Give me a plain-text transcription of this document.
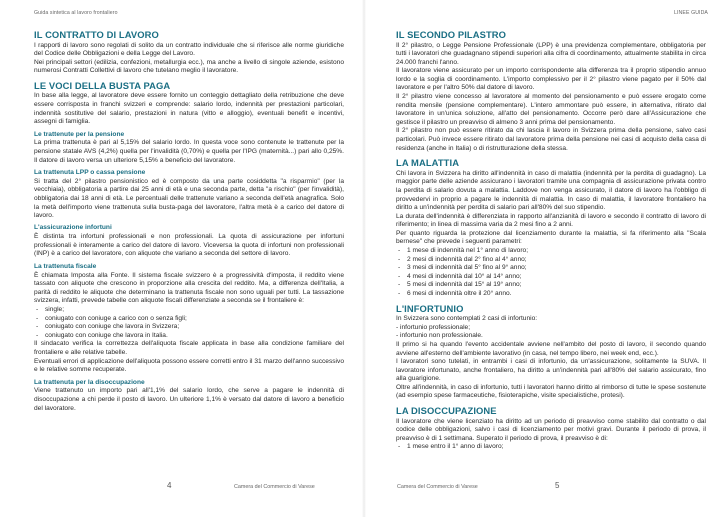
Guida sintetica al lavoro frontaliero	LINEE GUIDA
IL CONTRATTO DI LAVORO

I rapporti di lavoro sono regolati di solito da un contratto individuale che si riferisce alle norme giuridiche del Codice delle Obbligazioni e della Legge del Lavoro.

Nei principali settori (edilizia, confezioni, metallurgia ecc.), ma anche a livello di singole aziende, esistono numerosi Contratti Collettivi di lavoro che tutelano meglio il lavoratore.

LE VOCI DELLA BUSTA PAGA

In base alla legge, al lavoratore deve essere fornito un conteggio dettagliato della retribuzione che deve essere corrisposta in franchi svizzeri e comprende: salario lordo, indennità per prestazioni particolari, indennità sostitutive del salario, prestazioni in natura (vitto e alloggio), eventuali benefit e incentivi, assegni di famiglia.

Le trattenute per la pensione

La prima trattenuta è pari al 5,15% del salario lordo. In questa voce sono contenute le trattenute per la pensione statale AVS (4,2%) quella per l'invalidità (0,70%) e quella per l'IPG (maternità...) pari allo 0,25%. Il datore di lavoro versa un ulteriore 5,15% a beneficio del lavoratore.

La trattenuta LPP o cassa pensione

Si tratta del 2° pilastro pensionistico ed è composto da una parte cosiddetta "a risparmio" (per la vecchiaia), obbligatoria a partire dai 25 anni di età e una seconda parte, detta "a rischio" (per l'invalidità), obbligatoria dai 18 anni di età. Le percentuali delle trattenute variano a seconda dell'età anagrafica. Solo la metà dell'importo viene trattenuta sulla busta-paga del lavoratore, l'altra metà è a carico del datore di lavoro.

L'assicurazione infortuni

È distinta tra infortuni professionali e non professionali. La quota di assicurazione per infortuni professionali è interamente a carico del datore di lavoro. Viceversa la quota di infortuni non professionali (INP) è a carico del lavoratore, con aliquote che variano a seconda del settore di lavoro.

La trattenuta fiscale

È chiamata Imposta alla Fonte. Il sistema fiscale svizzero è a progressività d'imposta, il reddito viene tassato con aliquote che crescono in proporzione alla crescita del reddito. Ma, a differenza dell'Italia, a parità di reddito le aliquote che determinano la trattenuta fiscale non sono uguali per tutti. La tassazione svizzera, infatti, prevede tabelle con aliquote fiscali differenziate a seconda se il frontaliere è:

- single;
- coniugato con coniuge a carico con o senza figli;
- coniugato con coniuge che lavora in Svizzera;
- coniugato con coniuge che lavora in Italia.

Il sindacato verifica la correttezza dell'aliquota fiscale applicata in base alla condizione familiare del frontaliere e alle relative tabelle.

Eventuali errori di applicazione dell'aliquota possono essere corretti entro il 31 marzo dell'anno successivo e le relative somme recuperate.

La trattenuta per la disoccupazione

Viene trattenuto un importo pari all'1,1% del salario lordo, che serve a pagare le indennità di disoccupazione a chi perde il posto di lavoro. Un ulteriore 1,1% è versato dal datore di lavoro a beneficio del lavoratore.

4	Camera del Commercio di Varese
IL SECONDO PILASTRO

Il 2° pilastro, o Legge Pensione Professionale (LPP) è una previdenza complementare, obbligatoria per tutti i lavoratori che guadagnano stipendi superiori alla cifra di coordinamento, attualmente stabilita in circa 24.000 franchi l'anno.

Il lavoratore viene assicurato per un importo corrispondente alla differenza tra il proprio stipendio annuo lordo e la soglia di coordinamento. L'importo complessivo per il 2° pilastro viene pagato per il 50% dal lavoratore e per l'altro 50% dal datore di lavoro.

Il 2° pilastro viene concesso al lavoratore al momento del pensionamento e può essere erogato come rendita mensile (pensione complementare). L'intero ammontare può essere, in alternativa, ritirato dal lavoratore in un'unica soluzione, all'atto del pensionamento. Occorre però dare all'Assicurazione che gestisce il pilastro un preavviso di almeno 3 anni prima del pensionamento.

Il 2° pilastro non può essere ritirato da chi lascia il lavoro in Svizzera prima della pensione, salvo casi particolari. Può invece essere ritirato dal lavoratore prima della pensione nei casi di acquisto della casa di residenza (anche in Italia) o di ristrutturazione della stessa.

LA MALATTIA

Chi lavora in Svizzera ha diritto all'indennità in caso di malattia (indennità per la perdita di guadagno). La maggior parte delle aziende assicurano i lavoratori tramite una compagnia di assicurazione privata contro la perdita di salario dovuta a malattia. Laddove non venga assicurato, il datore di lavoro ha l'obbligo di provvedervi in proprio a pagare le indennità di malattia. In caso di malattia, il lavoratore frontaliero ha diritto a un'indennità per perdita di salario pari all'80% del suo stipendio.

La durata dell'indennità è differenziata in rapporto all'anzianità di lavoro e secondo il contratto di lavoro di riferimento; in linea di massima varia da 2 mesi fino a 2 anni.

Per quanto riguarda la protezione dal licenziamento durante la malattia, si fa riferimento alla "Scala bernese" che prevede i seguenti parametri:

- 1 mese di indennità nel 1° anno di lavoro;
- 2 mesi di indennità dal 2° fino al 4° anno;
- 3 mesi di indennità dal 5° fino al 9° anno;
- 4 mesi di indennità dal 10° al 14° anno;
- 5 mesi di indennità dal 15° al 19° anno;
- 6 mesi di indennità oltre il 20° anno.
L'INFORTUNIO

In Svizzera sono contemplati 2 casi di infortunio:

- infortunio professionale;
- infortunio non professionale.

Il primo si ha quando l'evento accidentale avviene nell'ambito del posto di lavoro, il secondo quando avviene all'esterno dell'ambiente lavorativo (in casa, nel tempo libero, nei week end, ecc.).

I lavoratori sono tutelati, in entrambi i casi di infortunio, da un'assicurazione, solitamente la SUVA. Il lavoratore infortunato, anche frontaliero, ha diritto a un'indennità pari all'80% del salario assicurato, fino alla guarigione.

Oltre all'indennità, in caso di infortunio, tutti i lavoratori hanno diritto al rimborso di tutte le spese sostenute (ad esempio spese farmaceutiche, fisioterapiche, visite specialistiche, protesi).

LA DISOCCUPAZIONE

Il lavoratore che viene licenziato ha diritto ad un periodo di preavviso come stabilito dal contratto o dal codice delle obbligazioni, salvo i casi di licenziamento per motivi gravi. Durante il periodo di prova, il preavviso è di 1 settimana. Superato il periodo di prova, il preavviso è di:

- 1 mese entro il 1° anno di lavoro;
Camera del Commercio di Varese	5
